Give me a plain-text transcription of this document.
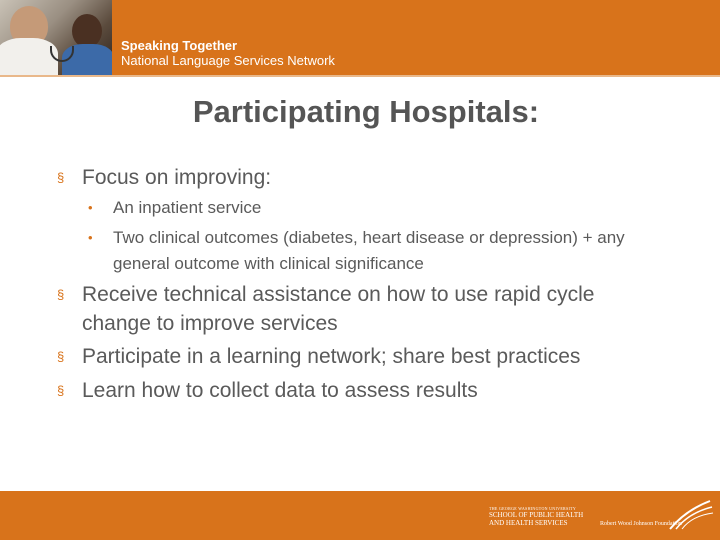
Speaking Together
National Language Services Network
Participating Hospitals:
§ Focus on improving:
•	An inpatient service
•	Two clinical outcomes (diabetes, heart disease or depression) + any general outcome with clinical significance
§ Receive technical assistance on how to use rapid cycle change to improve services
§ Participate in a learning network; share best practices
§ Learn how to collect data to assess results
THE GEORGE WASHINGTON UNIVERSITY
SCHOOL OF PUBLIC HEALTH
AND HEALTH SERVICES	Robert Wood Johnson Foundation
